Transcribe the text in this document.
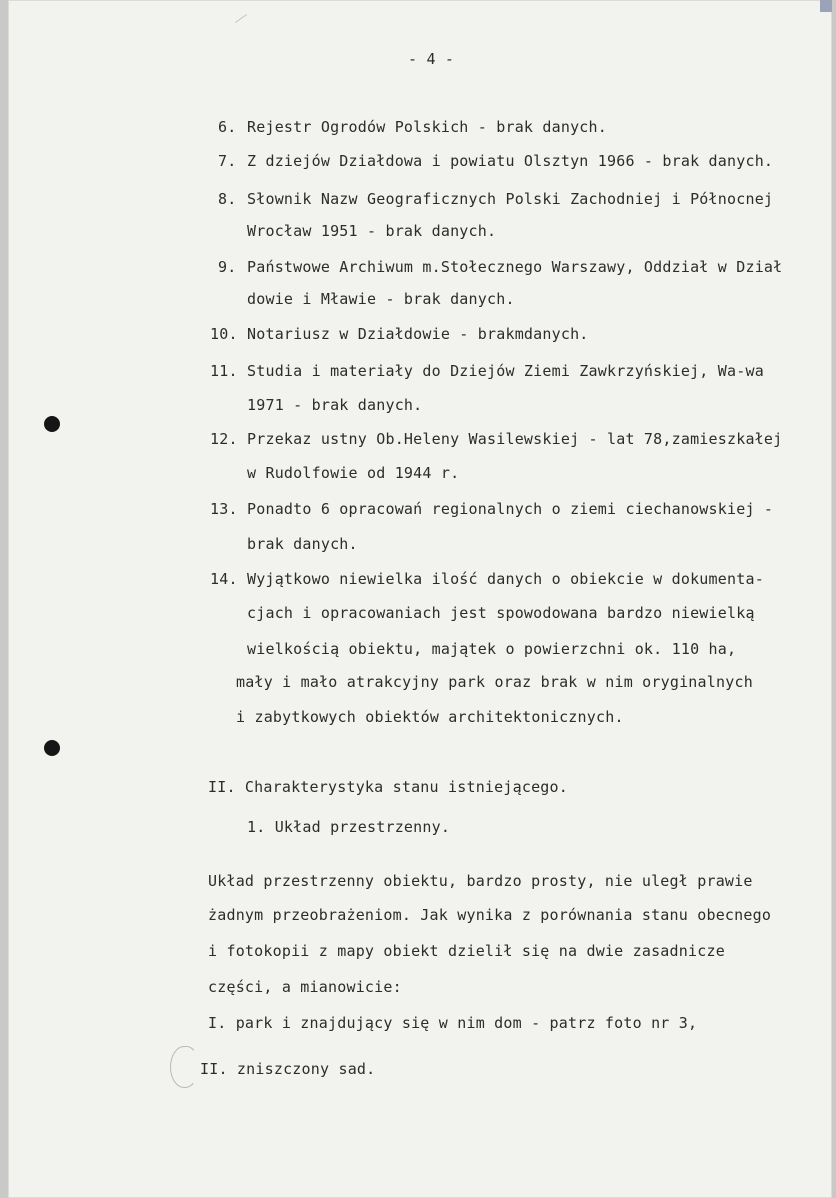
- 4 -

6. Rejestr Ogrodów Polskich - brak danych.

7. Z dziejów Działdowa i powiatu Olsztyn 1966 - brak danych.

8. Słownik Nazw Geograficznych Polski Zachodniej i Północnej

Wrocław 1951 - brak danych.

9. Państwowe Archiwum m.Stołecznego Warszawy, Oddział w Dział

dowie i Mławie - brak danych.

10. Notariusz w Działdowie - brakmdanych.

11. Studia i materiały do Dziejów Ziemi Zawkrzyńskiej, Wa-wa

1971 - brak danych.

12. Przekaz ustny Ob.Heleny Wasilewskiej - lat 78,zamieszkałej

w Rudolfowie od 1944 r.

13. Ponadto 6 opracowań regionalnych o ziemi ciechanowskiej -

brak danych.

14. Wyjątkowo niewielka ilość danych o obiekcie w dokumenta-

cjach i opracowaniach jest spowodowana bardzo niewielką

wielkością obiektu, majątek o powierzchni ok. 110 ha,

mały i mało atrakcyjny park oraz brak w nim oryginalnych

i zabytkowych obiektów architektonicznych.

II. Charakterystyka stanu istniejącego.

1. Układ przestrzenny.

Układ przestrzenny obiektu, bardzo prosty, nie uległ prawie

żadnym przeobrażeniom. Jak wynika z porównania stanu obecnego

i fotokopii z mapy obiekt dzielił się na dwie zasadnicze

części, a mianowicie:

I. park i znajdujący się w nim dom - patrz foto nr 3,

II. zniszczony sad.
